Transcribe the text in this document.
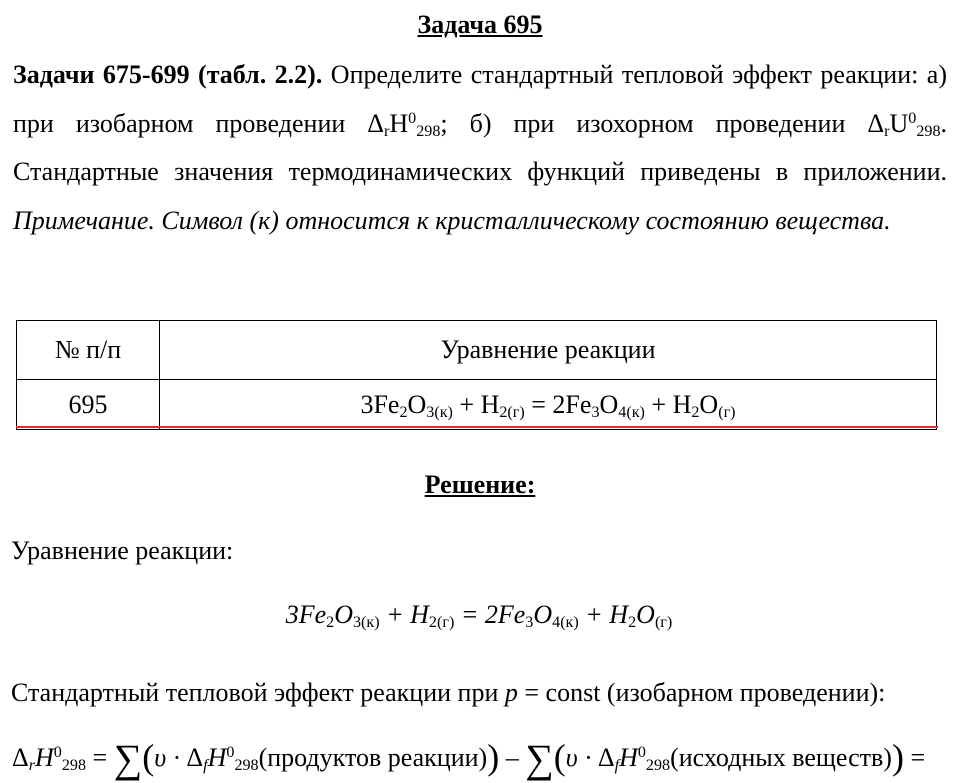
Задача 695
Задачи 675-699 (табл. 2.2). Определите стандартный тепловой эффект реакции: а) при изобарном проведении $\Delta_rH^0_{298}$; б) при изохорном проведении $\Delta_rU^0_{298}$. Стандартные значения термодинамических функций приведены в приложении. Примечание. Символ (к) относится к кристаллическому состоянию вещества.
№ п/п	Уравнение реакции
695	$3Fe_2O_{3(к)} + H_{2(г)} = 2Fe_3O_{4(к)} + H_2O_{(г)}$
Решение:
Уравнение реакции:
$3Fe_2O_{3(к)} + H_{2(г)} = 2Fe_3O_{4(к)} + H_2O_{(г)}$
Стандартный тепловой эффект реакции при p = const (изобарном проведении):
$\Delta_rH^0_{298} = \sum(\upsilon$ · $\Delta_fH^0_{298}(продуктов$ реакции)) – $\sum(\upsilon \cdot \Delta_fH^0_{298}(исходных$ веществ)) =
